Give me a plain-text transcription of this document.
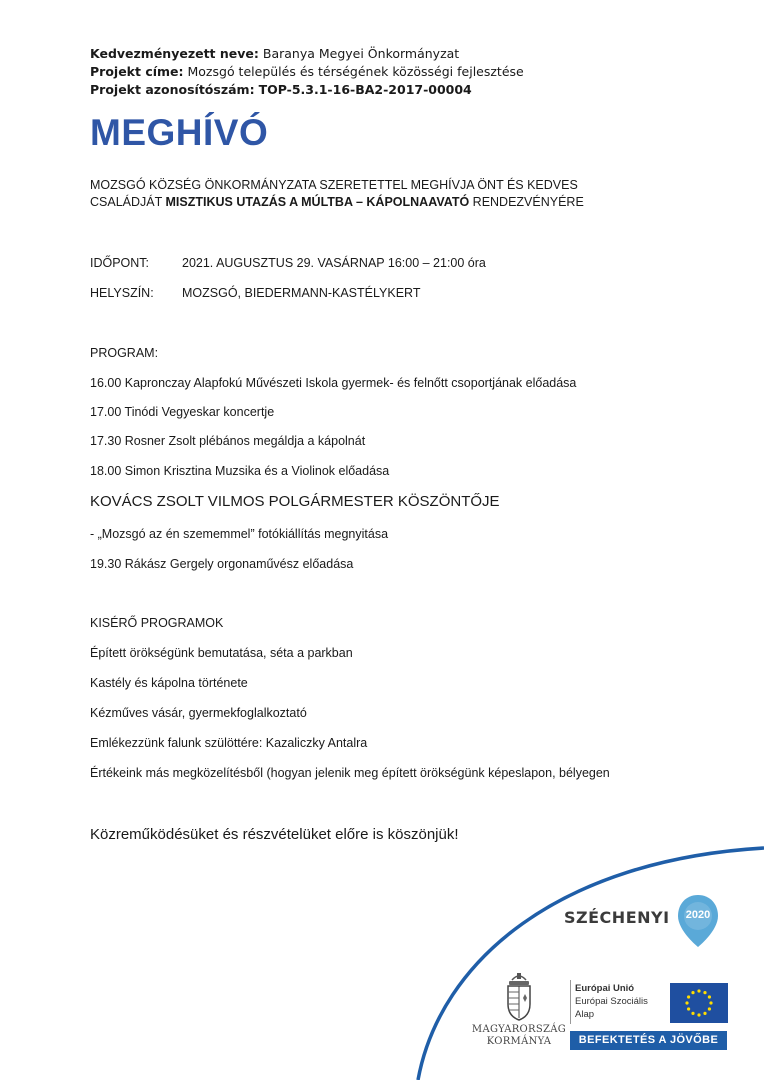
Kedvezményezett neve: Baranya Megyei Önkormányzat
Projekt címe: Mozsgó település és térségének közösségi fejlesztése
Projekt azonosítószám: TOP-5.3.1-16-BA2-2017-00004
MEGHÍVÓ
MOZSGÓ KÖZSÉG ÖNKORMÁNYZATA SZERETETTEL MEGHÍVJA ÖNT ÉS KEDVES
CSALÁDJÁT MISZTIKUS UTAZÁS A MÚLTBA – KÁPOLNAAVATÓ RENDEZVÉNYÉRE
IDŐPONT:	2021. AUGUSZTUS 29. VASÁRNAP 16:00 – 21:00 óra
HELYSZÍN: MOZSGÓ, BIEDERMANN-KASTÉLYKERT
PROGRAM:
16.00 Kapronczay Alapfokú Művészeti Iskola gyermek- és felnőtt csoportjának előadása
17.00 Tinódi Vegyeskar koncertje
17.30 Rosner Zsolt plébános megáldja a kápolnát
18.00 Simon Krisztina Muzsika és a Violinok előadása
KOVÁCS ZSOLT VILMOS POLGÁRMESTER KÖSZÖNTŐJE
- „Mozsgó az én szememmel” fotókiállítás megnyitása
19.30 Rákász Gergely orgonaművész előadása
KISÉRŐ PROGRAMOK
Épített örökségünk bemutatása, séta a parkban
Kastély és kápolna története
Kézműves vásár, gyermekfoglalkoztató
Emlékezzünk falunk szülöttére: Kazaliczky Antalra
Értékeink más megközelítésből (hogyan jelenik meg épített örökségünk képeslapon, bélyegen
Közreműködésüket és részvételüket előre is köszönjük!
SZÉCHENYI	2020
MAGYARORSZÁG
KORMÁNYA
Európai Unió
Európai Szociális
Alap
BEFEKTETÉS A JÖVŐBE
